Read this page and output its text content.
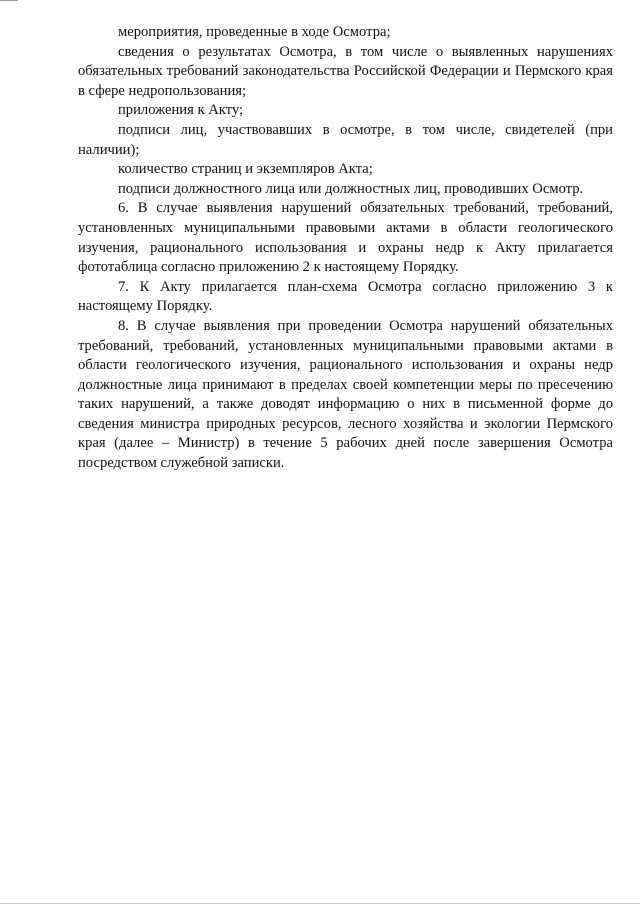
мероприятия, проведенные в ходе Осмотра;

сведения о результатах Осмотра, в том числе о выявленных нарушениях обязательных требований законодательства Российской Федерации и Пермского края в сфере недропользования;

приложения к Акту;

подписи лиц, участвовавших в осмотре, в том числе, свидетелей (при наличии);

количество страниц и экземпляров Акта;

подписи должностного лица или должностных лиц, проводивших Осмотр.

6. В случае выявления нарушений обязательных требований, требований, установленных муниципальными правовыми актами в области геологического изучения, рационального использования и охраны недр к Акту прилагается фототаблица согласно приложению 2 к настоящему Порядку.

7. К Акту прилагается план-схема Осмотра согласно приложению 3 к настоящему Порядку.

8. В случае выявления при проведении Осмотра нарушений обязательных требований, требований, установленных муниципальными правовыми актами в области геологического изучения, рационального использования и охраны недр должностные лица принимают в пределах своей компетенции меры по пресечению таких нарушений, а также доводят информацию о них в письменной форме до сведения министра природных ресурсов, лесного хозяйства и экологии Пермского края (далее – Министр) в течение 5 рабочих дней после завершения Осмотра посредством служебной записки.
